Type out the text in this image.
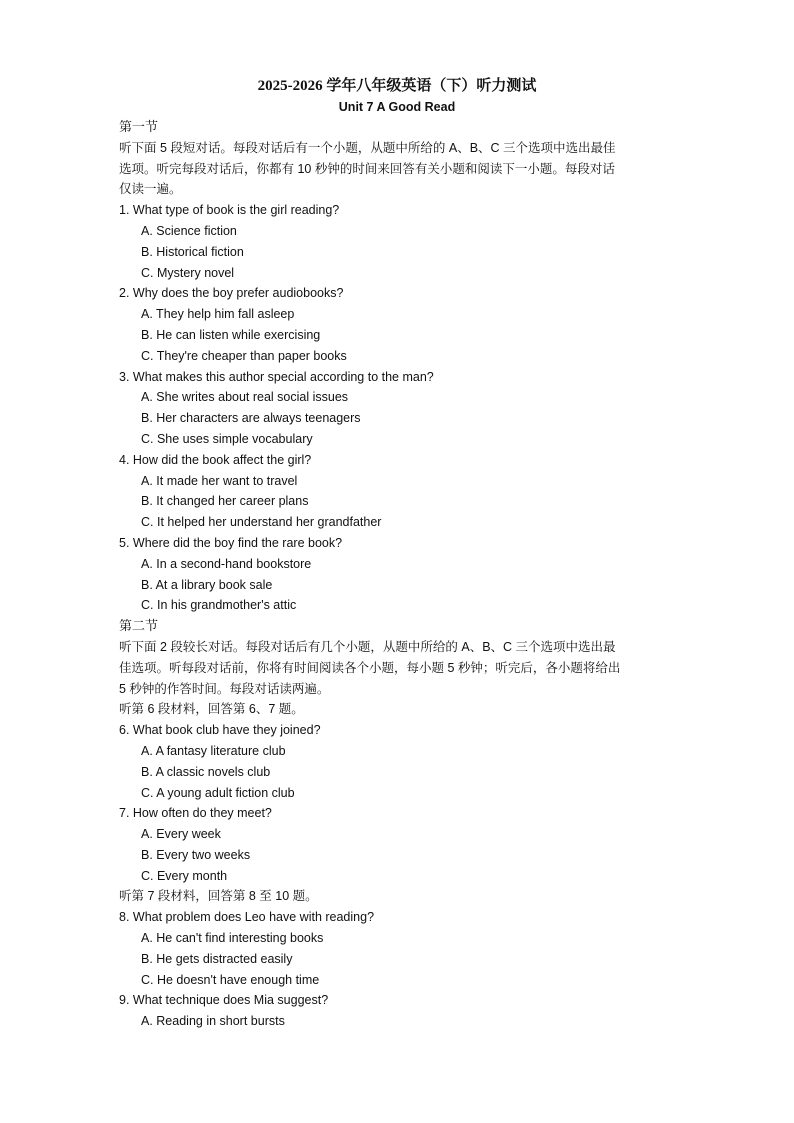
2025-2026 学年八年级英语（下）听力测试
Unit 7 A Good Read
第一节
听下面 5 段短对话。每段对话后有一个小题，从题中所给的 A、B、C 三个选项中选出最佳
选项。听完每段对话后，你都有 10 秒钟的时间来回答有关小题和阅读下一小题。每段对话
仅读一遍。
1. What type of book is the girl reading?
A. Science fiction
B. Historical fiction
C. Mystery novel
2. Why does the boy prefer audiobooks?
A. They help him fall asleep
B. He can listen while exercising
C. They're cheaper than paper books
3. What makes this author special according to the man?
A. She writes about real social issues
B. Her characters are always teenagers
C. She uses simple vocabulary
4. How did the book affect the girl?
A. It made her want to travel
B. It changed her career plans
C. It helped her understand her grandfather
5. Where did the boy find the rare book?
A. In a second-hand bookstore
B. At a library book sale
C. In his grandmother's attic
第二节
听下面 2 段较长对话。每段对话后有几个小题，从题中所给的 A、B、C 三个选项中选出最
佳选项。听每段对话前，你将有时间阅读各个小题，每小题 5 秒钟；听完后，各小题将给出
5 秒钟的作答时间。每段对话读两遍。
听第 6 段材料，回答第 6、7 题。
6. What book club have they joined?
A. A fantasy literature club
B. A classic novels club
C. A young adult fiction club
7. How often do they meet?
A. Every week
B. Every two weeks
C. Every month
听第 7 段材料，回答第 8 至 10 题。
8. What problem does Leo have with reading?
A. He can't find interesting books
B. He gets distracted easily
C. He doesn't have enough time
9. What technique does Mia suggest?
A. Reading in short bursts
